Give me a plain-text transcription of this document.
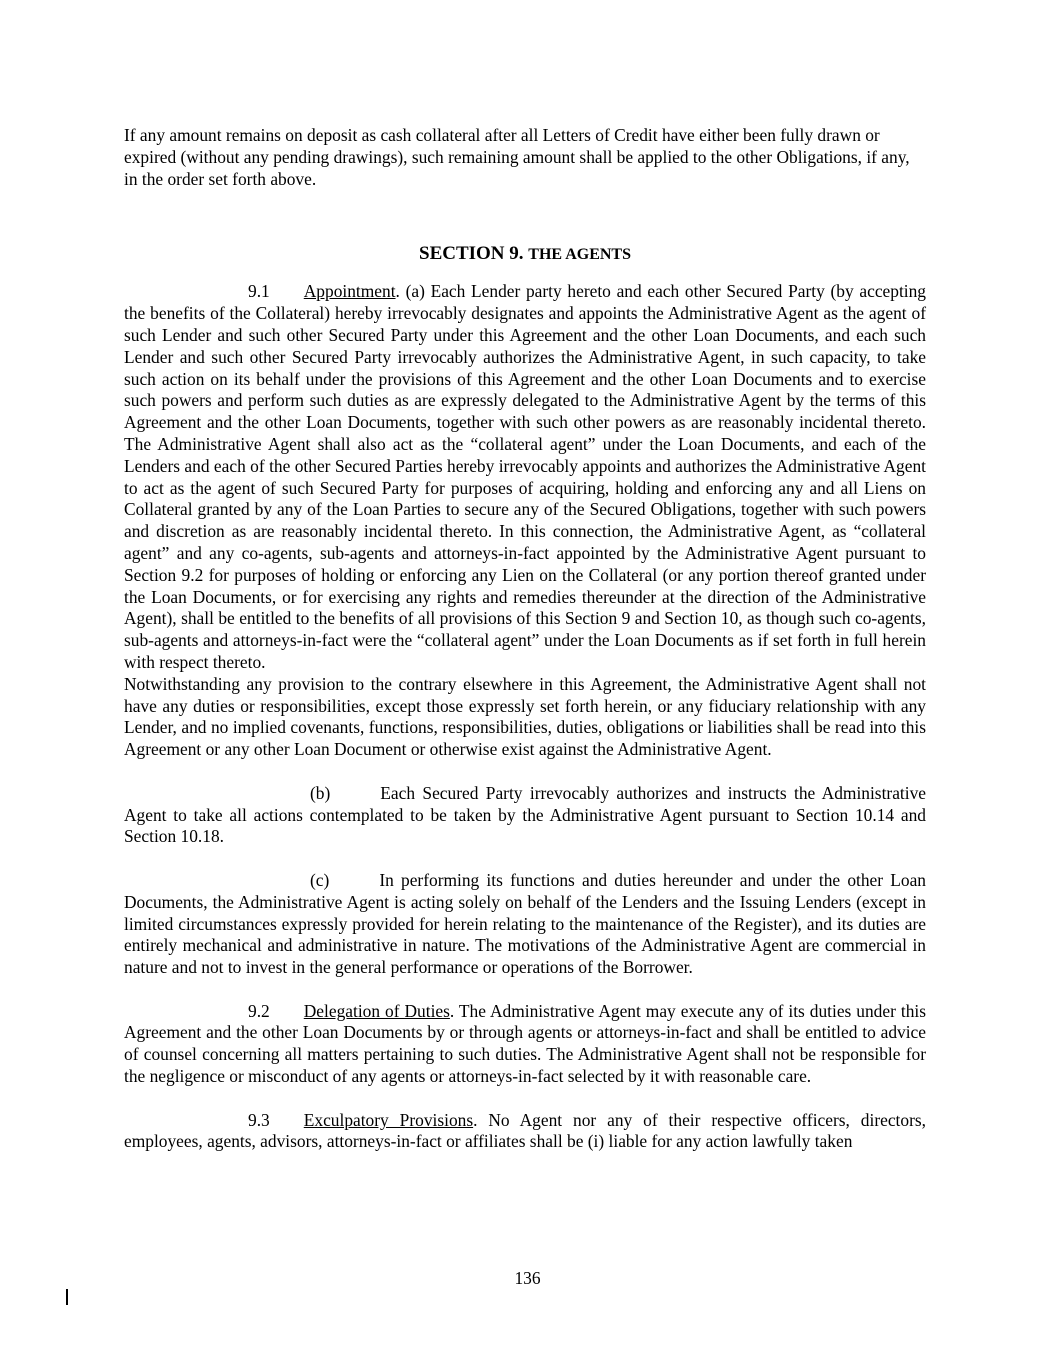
If any amount remains on deposit as cash collateral after all Letters of Credit have either been fully drawn or expired (without any pending drawings), such remaining amount shall be applied to the other Obligations, if any, in the order set forth above.

SECTION 9. THE AGENTS

9.1 Appointment. (a) Each Lender party hereto and each other Secured Party (by accepting the benefits of the Collateral) hereby irrevocably designates and appoints the Administrative Agent as the agent of such Lender and such other Secured Party under this Agreement and the other Loan Documents, and each such Lender and such other Secured Party irrevocably authorizes the Administrative Agent, in such capacity, to take such action on its behalf under the provisions of this Agreement and the other Loan Documents and to exercise such powers and perform such duties as are expressly delegated to the Administrative Agent by the terms of this Agreement and the other Loan Documents, together with such other powers as are reasonably incidental thereto. The Administrative Agent shall also act as the “collateral agent” under the Loan Documents, and each of the Lenders and each of the other Secured Parties hereby irrevocably appoints and authorizes the Administrative Agent to act as the agent of such Secured Party for purposes of acquiring, holding and enforcing any and all Liens on Collateral granted by any of the Loan Parties to secure any of the Secured Obligations, together with such powers and discretion as are reasonably incidental thereto. In this connection, the Administrative Agent, as “collateral agent” and any co-agents, sub-agents and attorneys-in-fact appointed by the Administrative Agent pursuant to Section 9.2 for purposes of holding or enforcing any Lien on the Collateral (or any portion thereof granted under the Loan Documents, or for exercising any rights and remedies thereunder at the direction of the Administrative Agent), shall be entitled to the benefits of all provisions of this Section 9 and Section 10, as though such co-agents, sub-agents and attorneys-in-fact were the “collateral agent” under the Loan Documents as if set forth in full herein with respect thereto.

Notwithstanding any provision to the contrary elsewhere in this Agreement, the Administrative Agent shall not have any duties or responsibilities, except those expressly set forth herein, or any fiduciary relationship with any Lender, and no implied covenants, functions, responsibilities, duties, obligations or liabilities shall be read into this Agreement or any other Loan Document or otherwise exist against the Administrative Agent.

(b)	Each Secured Party irrevocably authorizes and instructs the Administrative Agent to take all actions contemplated to be taken by the Administrative Agent pursuant to Section 10.14 and Section 10.18.

(c)	In performing its functions and duties hereunder and under the other Loan Documents, the Administrative Agent is acting solely on behalf of the Lenders and the Issuing Lenders (except in limited circumstances expressly provided for herein relating to the maintenance of the Register), and its duties are entirely mechanical and administrative in nature. The motivations of the Administrative Agent are commercial in nature and not to invest in the general performance or operations of the Borrower.

9.2 Delegation of Duties. The Administrative Agent may execute any of its duties under this Agreement and the other Loan Documents by or through agents or attorneys-in-fact and shall be entitled to advice of counsel concerning all matters pertaining to such duties. The Administrative Agent shall not be responsible for the negligence or misconduct of any agents or attorneys-in-fact selected by it with reasonable care.

9.3 Exculpatory Provisions. No Agent nor any of their respective officers, directors, employees, agents, advisors, attorneys-in-fact or affiliates shall be (i) liable for any action lawfully taken

136
